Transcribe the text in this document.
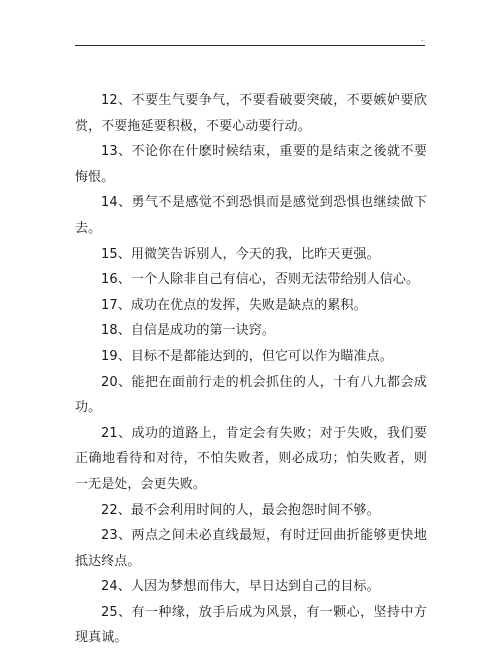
.

12、不要生气要争气，不要看破要突破，不要嫉妒要欣赏，不要拖延要积极，不要心动要行动。

13、不论你在什麽时候结束，重要的是结束之後就不要悔恨。

14、勇气不是感觉不到恐惧而是感觉到恐惧也继续做下去。

15、用微笑告诉别人，今天的我，比昨天更强。

16、一个人除非自己有信心，否则无法带给别人信心。

17、成功在优点的发挥，失败是缺点的累积。

18、自信是成功的第一诀窍。

19、目标不是都能达到的，但它可以作为瞄准点。

20、能把在面前行走的机会抓住的人，十有八九都会成功。

21、成功的道路上，肯定会有失败；对于失败，我们要正确地看待和对待，不怕失败者，则必成功；怕失败者，则一无是处，会更失败。

22、最不会利用时间的人，最会抱怨时间不够。

23、两点之间未必直线最短，有时迂回曲折能够更快地抵达终点。

24、人因为梦想而伟大，早日达到自己的目标。

25、有一种缘，放手后成为风景，有一颗心，坚持中方现真诚。
